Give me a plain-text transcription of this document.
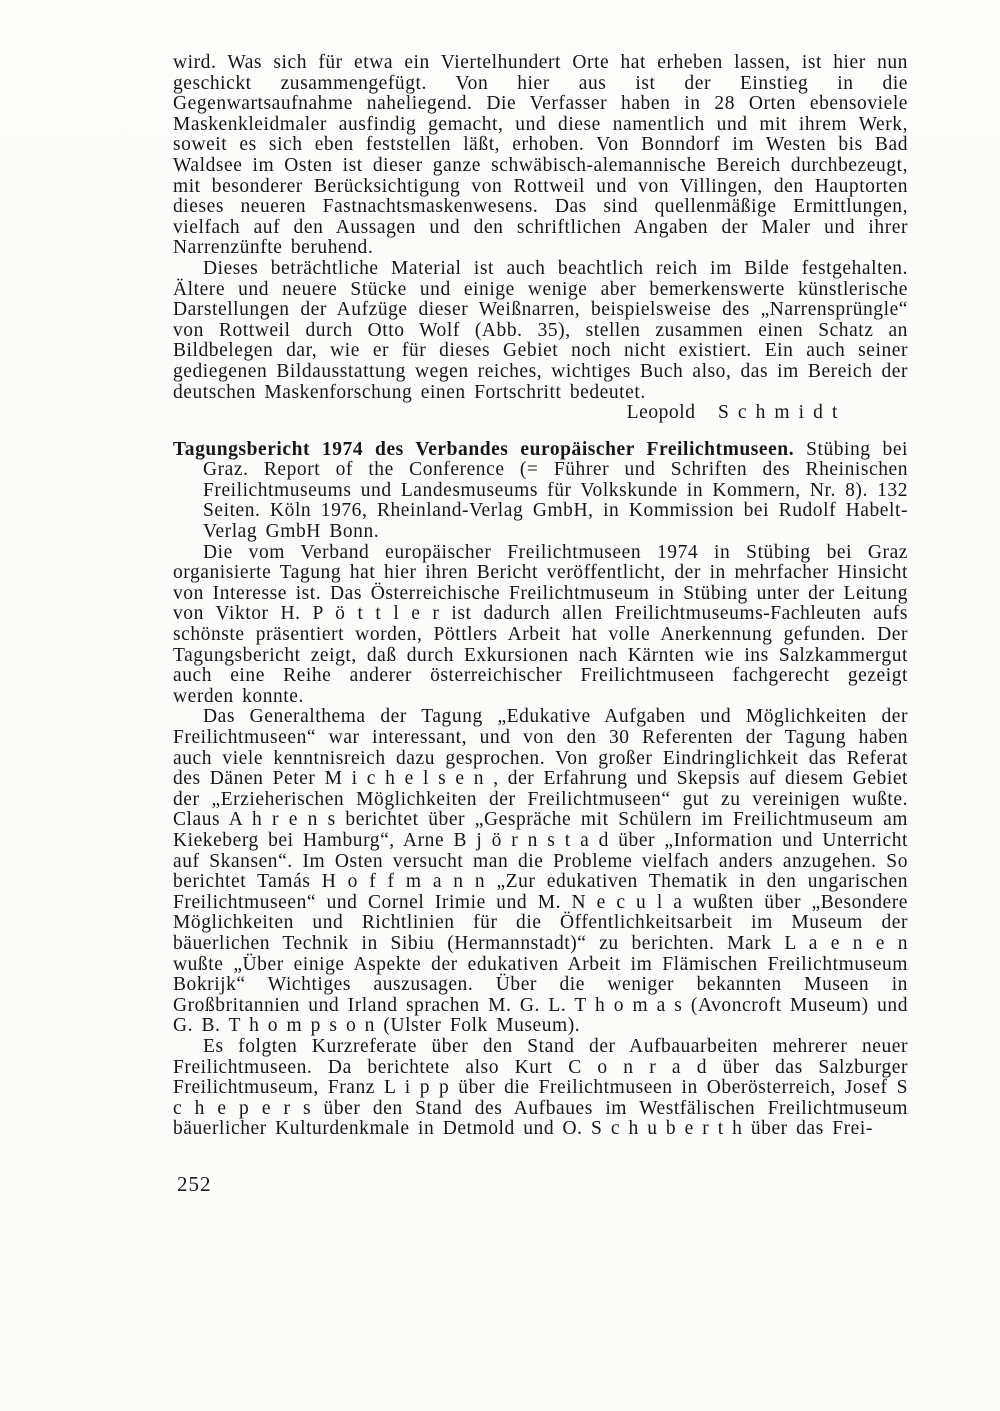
wird. Was sich für etwa ein Viertelhundert Orte hat erheben lassen, ist hier nun geschickt zusammengefügt. Von hier aus ist der Einstieg in die Gegenwartsaufnahme naheliegend. Die Verfasser haben in 28 Orten ebensoviele Maskenkleidmaler ausfindig gemacht, und diese namentlich und mit ihrem Werk, soweit es sich eben feststellen läßt, erhoben. Von Bonndorf im Westen bis Bad Waldsee im Osten ist dieser ganze schwäbisch-alemannische Bereich durchbezeugt, mit besonderer Berücksichtigung von Rottweil und von Villingen, den Hauptorten dieses neueren Fastnachtsmaskenwesens. Das sind quellenmäßige Ermittlungen, vielfach auf den Aussagen und den schriftlichen Angaben der Maler und ihrer Narrenzünfte beruhend.

Dieses beträchtliche Material ist auch beachtlich reich im Bilde festgehalten. Ältere und neuere Stücke und einige wenige aber bemerkenswerte künstlerische Darstellungen der Aufzüge dieser Weißnarren, beispielsweise des „Narrensprüngle“ von Rottweil durch Otto Wolf (Abb. 35), stellen zusammen einen Schatz an Bildbelegen dar, wie er für dieses Gebiet noch nicht existiert. Ein auch seiner gediegenen Bildausstattung wegen reiches, wichtiges Buch also, das im Bereich der deutschen Maskenforschung einen Fortschritt bedeutet.

Leopold S c h m i d t

Tagungsbericht 1974 des Verbandes europäischer Freilichtmuseen. Stübing bei Graz. Report of the Conference (= Führer und Schriften des Rheinischen Freilichtmuseums und Landesmuseums für Volkskunde in Kommern, Nr. 8). 132 Seiten. Köln 1976, Rheinland-Verlag GmbH, in Kommission bei Rudolf Habelt-Verlag GmbH Bonn.

Die vom Verband europäischer Freilichtmuseen 1974 in Stübing bei Graz organisierte Tagung hat hier ihren Bericht veröffentlicht, der in mehrfacher Hinsicht von Interesse ist. Das Österreichische Freilichtmuseum in Stübing unter der Leitung von Viktor H. P ö t t l e r ist dadurch allen Freilichtmuseums-Fachleuten aufs schönste präsentiert worden, Pöttlers Arbeit hat volle Anerkennung gefunden. Der Tagungsbericht zeigt, daß durch Exkursionen nach Kärnten wie ins Salzkammergut auch eine Reihe anderer österreichischer Freilichtmuseen fachgerecht gezeigt werden konnte.

Das Generalthema der Tagung „Edukative Aufgaben und Möglichkeiten der Freilichtmuseen“ war interessant, und von den 30 Referenten der Tagung haben auch viele kenntnisreich dazu gesprochen. Von großer Eindringlichkeit das Referat des Dänen Peter M i c h e l s e n , der Erfahrung und Skepsis auf diesem Gebiet der „Erzieherischen Möglichkeiten der Freilichtmuseen“ gut zu vereinigen wußte. Claus A h r e n s berichtet über „Gespräche mit Schülern im Freilichtmuseum am Kiekeberg bei Hamburg“, Arne B j ö r n s t a d über „Information und Unterricht auf Skansen“. Im Osten versucht man die Probleme vielfach anders anzugehen. So berichtet Tamás H o f f m a n n „Zur edukativen Thematik in den ungarischen Freilichtmuseen“ und Cornel Irimie und M. N e c u l a wußten über „Besondere Möglichkeiten und Richtlinien für die Öffentlichkeitsarbeit im Museum der bäuerlichen Technik in Sibiu (Hermannstadt)“ zu berichten. Mark L a e n e n wußte „Über einige Aspekte der edukativen Arbeit im Flämischen Freilichtmuseum Bokrijk“ Wichtiges auszusagen. Über die weniger bekannten Museen in Großbritannien und Irland sprachen M. G. L. T h o m a s (Avoncroft Museum) und G. B. T h o m p s o n (Ulster Folk Museum).

Es folgten Kurzreferate über den Stand der Aufbauarbeiten mehrerer neuer Freilichtmuseen. Da berichtete also Kurt C o n r a d über das Salzburger Freilichtmuseum, Franz L i p p über die Freilichtmuseen in Oberösterreich, Josef S c h e p e r s über den Stand des Aufbaues im Westfälischen Freilichtmuseum bäuerlicher Kulturdenkmale in Detmold und O. S c h u b e r t h über das Frei-

252
